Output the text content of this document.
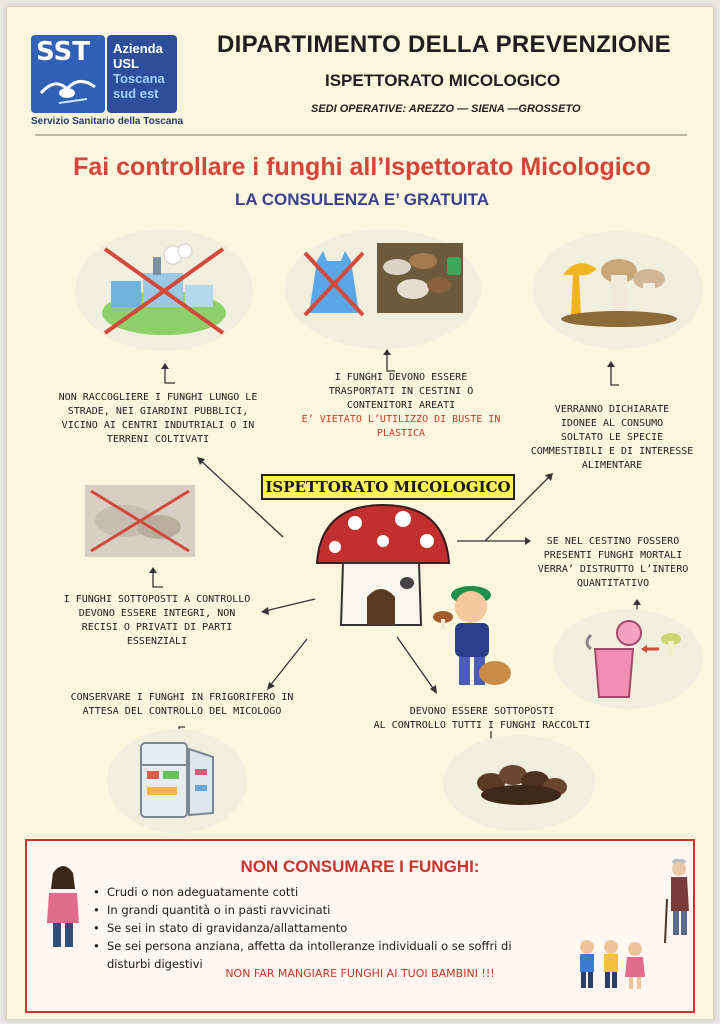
SST Azienda
USL
Toscana
sud est
Servizio Sanitario della Toscana
DIPARTIMENTO DELLA PREVENZIONE
ISPETTORATO MICOLOGICO
SEDI OPERATIVE: AREZZO — SIENA —GROSSETO
Fai controllare i funghi all’Ispettorato Micologico
LA CONSULENZA E’ GRATUITA
NON RACCOGLIERE I FUNGHI LUNGO LE
STRADE, NEI GIARDINI PUBBLICI,
VICINO AI CENTRI INDUTRIALI O IN
TERRENI COLTIVATI
I FUNGHI DEVONO ESSERE
TRASPORTATI IN CESTINI O
CONTENITORI AREATI
E’ VIETATO L’UTILIZZO DI BUSTE IN
PLASTICA
VERRANNO DICHIARATE
IDONEE AL CONSUMO
SOLTATO LE SPECIE
COMMESTIBILI E DI INTERESSE
ALIMENTARE
ISPETTORATO MICOLOGICO
I FUNGHI SOTTOPOSTI A CONTROLLO
DEVONO ESSERE INTEGRI, NON
RECISI O PRIVATI DI PARTI
ESSENZIALI
SE NEL CESTINO FOSSERO
PRESENTI FUNGHI MORTALI
VERRA’ DISTRUTTO L’INTERO
QUANTITATIVO
CONSERVARE I FUNGHI IN FRIGORIFERO IN
ATTESA DEL CONTROLLO DEL MICOLOGO	DEVONO ESSERE SOTTOPOSTI
AL CONTROLLO TUTTI I FUNGHI RACCOLTI
NON CONSUMARE I FUNGHI:
• Crudi o non adeguatamente cotti
• In grandi quantità o in pasti ravvicinati
• Se sei in stato di gravidanza/allattamento
• Se sei persona anziana, affetta da intolleranze individuali o se soffri di
disturbi digestivi
NON FAR MANGIARE FUNGHI AI TUOI BAMBINI !!!
